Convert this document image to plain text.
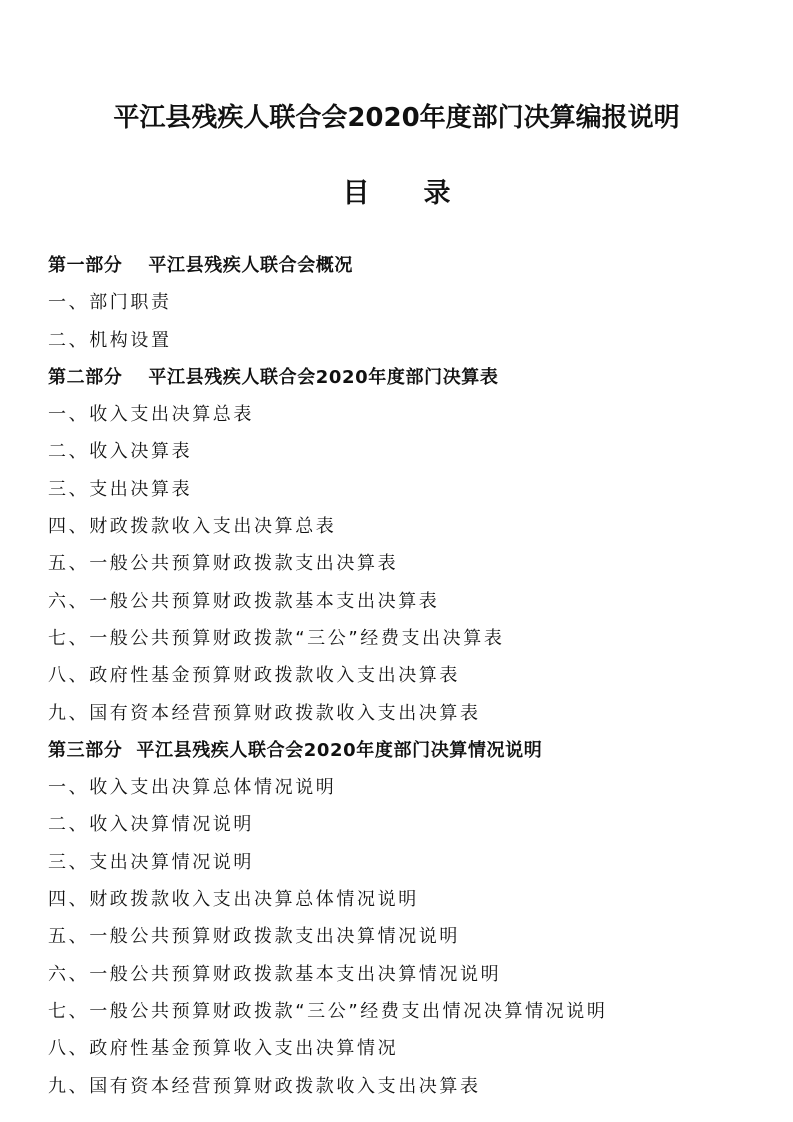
平江县残疾人联合会2020年度部门决算编报说明
目　　录
第一部分 平江县残疾人联合会概况
一、部门职责
二、机构设置
第二部分 平江县残疾人联合会2020年度部门决算表
一、收入支出决算总表
二、收入决算表
三、支出决算表
四、财政拨款收入支出决算总表
五、一般公共预算财政拨款支出决算表
六、一般公共预算财政拨款基本支出决算表
七、一般公共预算财政拨款“三公”经费支出决算表
八、政府性基金预算财政拨款收入支出决算表
九、国有资本经营预算财政拨款收入支出决算表
第三部分 平江县残疾人联合会2020年度部门决算情况说明
一、收入支出决算总体情况说明
二、收入决算情况说明
三、支出决算情况说明
四、财政拨款收入支出决算总体情况说明
五、一般公共预算财政拨款支出决算情况说明
六、一般公共预算财政拨款基本支出决算情况说明
七、一般公共预算财政拨款“三公”经费支出情况决算情况说明
八、政府性基金预算收入支出决算情况
九、国有资本经营预算财政拨款收入支出决算表
